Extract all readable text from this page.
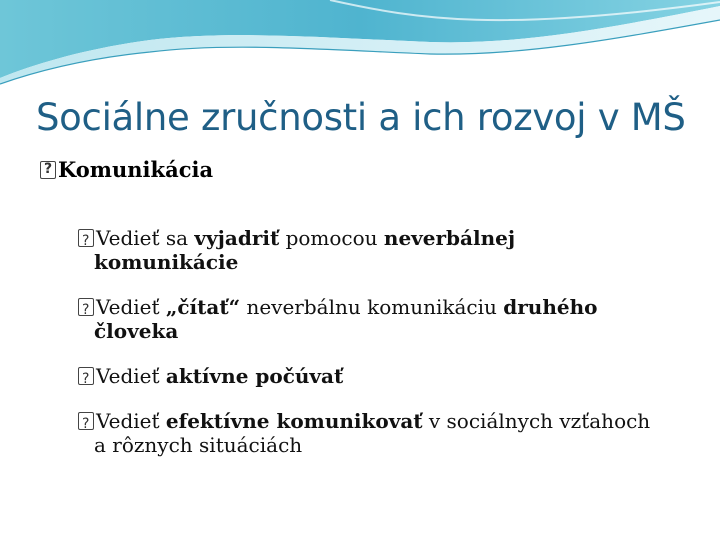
Sociálne zručnosti a ich rozvoj v MŠ
?Komunikácia
?Vedieť sa vyjadriť pomocou neverbálnej
komunikácie
?Vedieť „čítať“ neverbálnu komunikáciu druhého
človeka
?Vedieť aktívne počúvať
?Vedieť efektívne komunikovať v sociálnych vzťahoch
a rôznych situáciách
